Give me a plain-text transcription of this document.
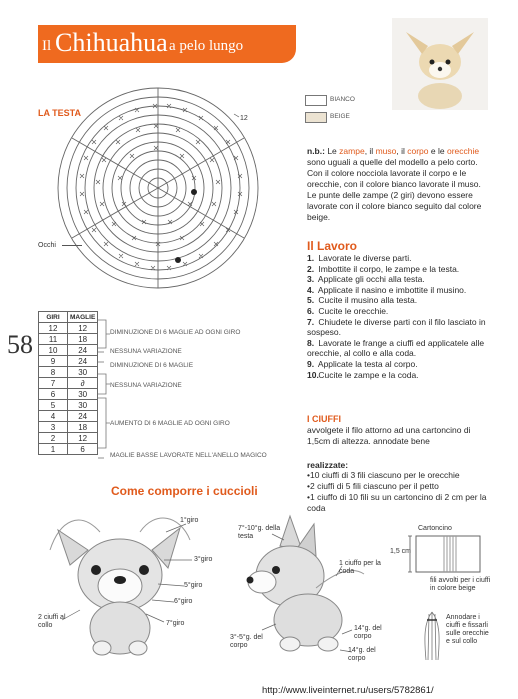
Il Chihuahua a pelo lungo
LA TESTA
12
Occhi
BIANCO
BEIGE
n.b.: Le zampe, il muso, il corpo e le orecchie sono uguali a quelle del modello a pelo corto. Con il colore nocciola lavorate il corpo e le orecchie, con il colore bianco lavorate il muso. Le punte delle zampe (2 giri) devono essere lavorate con il colore bianco seguito dal colore beige.
Il Lavoro
1. Lavorate le diverse parti.
2. Imbottite il corpo, le zampe e la testa.
3. Applicate gli occhi alla testa.
4. Applicate il nasino e imbottite il musino.
5. Cucite il musino alla testa.
6. Cucite le orecchie.
7. Chiudete le diverse parti con il filo lasciato in sospeso.
8. Lavorate le frange a ciuffi ed applicatele alle orecchie, al collo e alla coda.
9. Applicate la testa al corpo.
10. Cucite le zampe e la coda.
I CIUFFI
avvolgete il filo attorno ad una cartoncino di 1,5cm di altezza. annodate bene
realizzate:
•10 ciuffi di 3 fili ciascuno per le orecchie
•2 ciuffi di 5 fili ciascuno per il petto
•1 ciuffo di 10 fili su un cartoncino di 2 cm per la coda
58
GIRI	MAGLIE
12	12
11	18
10	24
9	24
8	30
7	∂
6	30
5	30
4	24
3	18
2	12
1	6
DIMINUZIONE DI 6 MAGLIE AD OGNI GIRO
NESSUNA VARIAZIONE
DIMINUZIONE DI 6 MAGLIE
NESSUNA VARIAZIONE
AUMENTO DI 6 MAGLIE AD OGNI GIRO
MAGLIE BASSE LAVORATE NELL'ANELLO MAGICO
Come comporre i cuccioli
1°giro
3°giro
5°giro
6°giro
7°giro
2 ciuffi al collo
7°-10°g. della testa
1 ciuffo per la coda
3°-5°g. del corpo
14°g. del corpo
14°g. del corpo
Cartoncino
1,5 cm
fili avvolti per i ciuffi in colore beige
Annodare i ciuffi e fissarli sulle orecchie e sul collo
http://www.liveinternet.ru/users/5782861/
